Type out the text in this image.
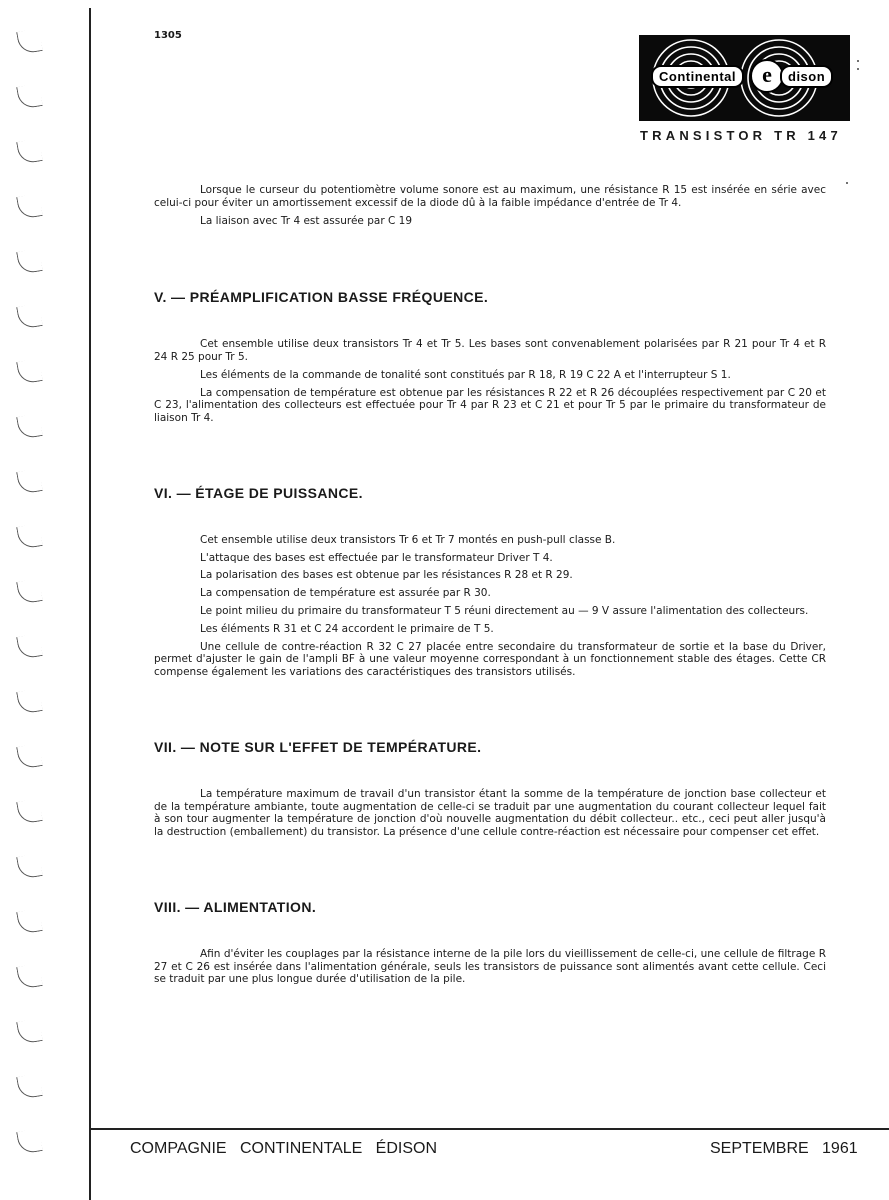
1305
Continental	e	dison
TRANSISTOR TR 147

Lorsque le curseur du potentiomètre volume sonore est au maximum, une résistance R 15 est insérée en série avec celui-ci pour éviter un amortissement excessif de la diode dû à la faible impédance d'entrée de Tr 4.

La liaison avec Tr 4 est assurée par C 19

V. — PRÉAMPLIFICATION BASSE FRÉQUENCE.

Cet ensemble utilise deux transistors Tr 4 et Tr 5. Les bases sont convenablement polarisées par R 21 pour Tr 4 et R 24 R 25 pour Tr 5.

Les éléments de la commande de tonalité sont constitués par R 18, R 19 C 22 A et l'interrupteur S 1.

La compensation de température est obtenue par les résistances R 22 et R 26 découplées respectivement par C 20 et C 23, l'alimentation des collecteurs est effectuée pour Tr 4 par R 23 et C 21 et pour Tr 5 par le primaire du transformateur de liaison Tr 4.

VI. — ÉTAGE DE PUISSANCE.

Cet ensemble utilise deux transistors Tr 6 et Tr 7 montés en push-pull classe B.

L'attaque des bases est effectuée par le transformateur Driver T 4.

La polarisation des bases est obtenue par les résistances R 28 et R 29.

La compensation de température est assurée par R 30.

Le point milieu du primaire du transformateur T 5 réuni directement au — 9 V assure l'alimentation des collecteurs.

Les éléments R 31 et C 24 accordent le primaire de T 5.

Une cellule de contre-réaction R 32 C 27 placée entre secondaire du transformateur de sortie et la base du Driver, permet d'ajuster le gain de l'ampli BF à une valeur moyenne correspondant à un fonctionnement stable des étages. Cette CR compense également les variations des caractéristiques des transistors utilisés.

VII. — NOTE SUR L'EFFET DE TEMPÉRATURE.

La température maximum de travail d'un transistor étant la somme de la température de jonction base collecteur et de la température ambiante, toute augmentation de celle-ci se traduit par une augmentation du courant collecteur lequel fait à son tour augmenter la température de jonction d'où nouvelle augmentation du débit collecteur.. etc., ceci peut aller jusqu'à la destruction (emballement) du transistor. La présence d'une cellule contre-réaction est nécessaire pour compenser cet effet.

VIII. — ALIMENTATION.

Afin d'éviter les couplages par la résistance interne de la pile lors du vieillissement de celle-ci, une cellule de filtrage R 27 et C 26 est insérée dans l'alimentation générale, seuls les transistors de puissance sont alimentés avant cette cellule. Ceci se traduit par une plus longue durée d'utilisation de la pile.

COMPAGNIE   CONTINENTALE   ÉDISON	SEPTEMBRE   1961
